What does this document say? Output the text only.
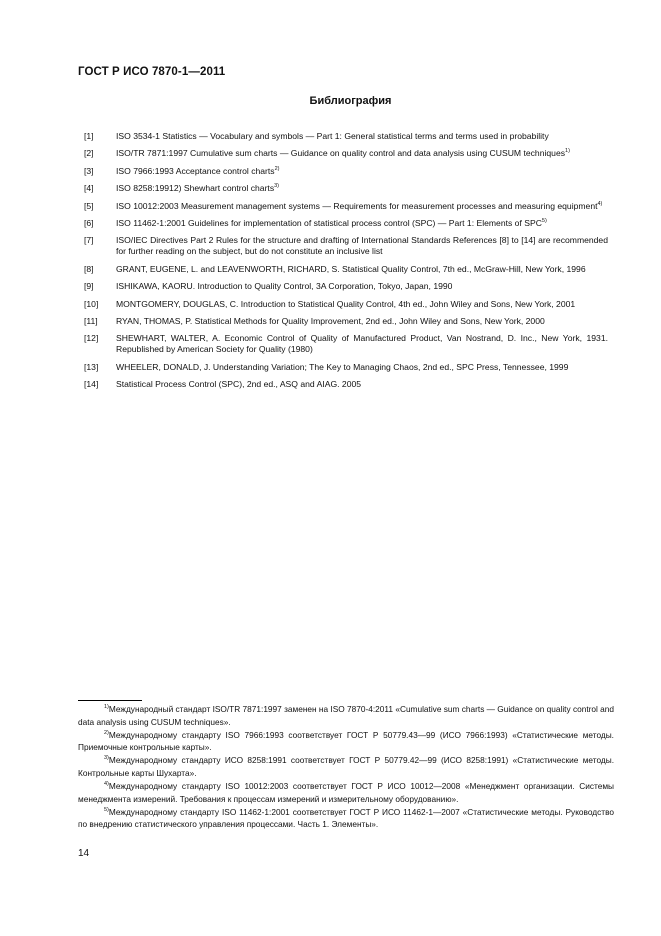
ГОСТ Р ИСО 7870-1—2011
Библиография
[1]	ISO 3534-1 Statistics — Vocabulary and symbols — Part 1: General statistical terms and terms used in probability
[2]	ISO/TR 7871:1997 Cumulative sum charts — Guidance on quality control and data analysis using CUSUM techniques$^{1)}$
[3]	ISO 7966:1993 Acceptance control charts$^{2)}$
[4]	ISO 8258:19912) Shewhart control charts$^{3)}$
[5]	ISO 10012:2003 Measurement management systems — Requirements for measurement processes and measuring equipment$^{4)}$
[6]	ISO 11462-1:2001 Guidelines for implementation of statistical process control (SPC) — Part 1: Elements of SPC$^{5)}$
[7]	ISO/IEC Directives Part 2 Rules for the structure and drafting of International Standards References [8] to [14] are recommended for further reading on the subject, but do not constitute an inclusive list
[8]	GRANT, EUGENE, L. and LEAVENWORTH, RICHARD, S. Statistical Quality Control, 7th ed., McGraw-Hill, New York, 1996
[9]	ISHIKAWA, KAORU. Introduction to Quality Control, 3A Corporation, Tokyo, Japan, 1990
[10]	MONTGOMERY, DOUGLAS, C. Introduction to Statistical Quality Control, 4th ed., John Wiley and Sons, New York, 2001
[11]	RYAN, THOMAS, P. Statistical Methods for Quality Improvement, 2nd ed., John Wiley and Sons, New York, 2000
[12]	SHEWHART, WALTER, A. Economic Control of Quality of Manufactured Product, Van Nostrand, D. Inc., New York, 1931. Republished by American Society for Quality (1980)
[13]	WHEELER, DONALD, J. Understanding Variation; The Key to Managing Chaos, 2nd ed., SPC Press, Tennessee, 1999
[14]	Statistical Process Control (SPC), 2nd ed., ASQ and AIAG. 2005
$^{1)}$Международный стандарт ISO/TR 7871:1997 заменен на ISO 7870-4:2011 «Cumulative sum charts — Guidance on quality control and data analysis using CUSUM techniques».
$^{2)}$Международному стандарту ISO 7966:1993 соответствует ГОСТ Р 50779.43—99 (ИСО 7966:1993) «Статистические методы. Приемочные контрольные карты».
$^{3)}$Международному стандарту ИСО 8258:1991 соответствует ГОСТ Р 50779.42—99 (ИСО 8258:1991) «Статистические методы. Контрольные карты Шухарта».
$^{4)}$Международному стандарту ISO 10012:2003 соответствует ГОСТ Р ИСО 10012—2008 «Менеджмент организации. Системы менеджмента измерений. Требования к процессам измерений и измерительному оборудованию».
$^{5)}$Международному стандарту ISO 11462-1:2001 соответствует ГОСТ Р ИСО 11462-1—2007 «Статистические методы. Руководство по внедрению статистического управления процессами. Часть 1. Элементы».
14
